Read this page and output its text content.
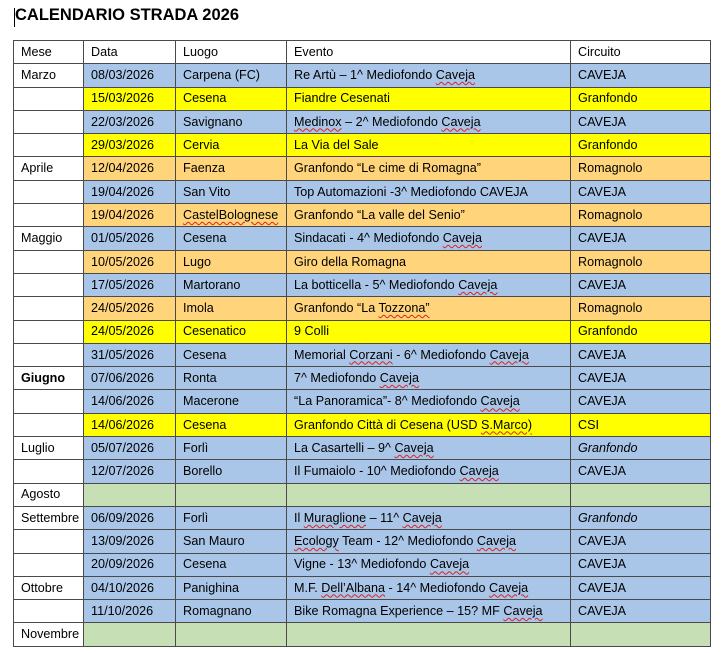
CALENDARIO STRADA 2026
Mese	Data	Luogo	Evento	Circuito
Marzo	08/03/2026	Carpena (FC)	Re Artù – 1^ Mediofondo Caveja	CAVEJA
	15/03/2026	Cesena	Fiandre Cesenati	Granfondo
	22/03/2026	Savignano	Medinox – 2^ Mediofondo Caveja	CAVEJA
	29/03/2026	Cervia	La Via del Sale	Granfondo
Aprile	12/04/2026	Faenza	Granfondo “Le cime di Romagna”	Romagnolo
	19/04/2026	San Vito	Top Automazioni -3^ Mediofondo CAVEJA	CAVEJA
	19/04/2026	CastelBolognese	Granfondo “La valle del Senio”	Romagnolo
Maggio	01/05/2026	Cesena	Sindacati - 4^ Mediofondo Caveja	CAVEJA
	10/05/2026	Lugo	Giro della Romagna	Romagnolo
	17/05/2026	Martorano	La botticella - 5^ Mediofondo Caveja	CAVEJA
	24/05/2026	Imola	Granfondo “La Tozzona”	Romagnolo
	24/05/2026	Cesenatico	9 Colli	Granfondo
	31/05/2026	Cesena	Memorial Corzani - 6^ Mediofondo Caveja	CAVEJA
Giugno	07/06/2026	Ronta	7^ Mediofondo Caveja	CAVEJA
	14/06/2026	Macerone	“La Panoramica”- 8^ Mediofondo Caveja	CAVEJA
	14/06/2026	Cesena	Granfondo Città di Cesena (USD S.Marco)	CSI
Luglio	05/07/2026	Forlì	La Casartelli – 9^ Caveja	Granfondo
	12/07/2026	Borello	Il Fumaiolo - 10^ Mediofondo Caveja	CAVEJA
Agosto				
Settembre	06/09/2026	Forlì	Il Muraglione – 11^ Caveja	Granfondo
	13/09/2026	San Mauro	Ecology Team - 12^ Mediofondo Caveja	CAVEJA
	20/09/2026	Cesena	Vigne - 13^ Mediofondo Caveja	CAVEJA
Ottobre	04/10/2026	Panighina	M.F. Dell’Albana - 14^ Mediofondo Caveja	CAVEJA
	11/10/2026	Romagnano	Bike Romagna Experience – 15? MF Caveja	CAVEJA
Novembre				
